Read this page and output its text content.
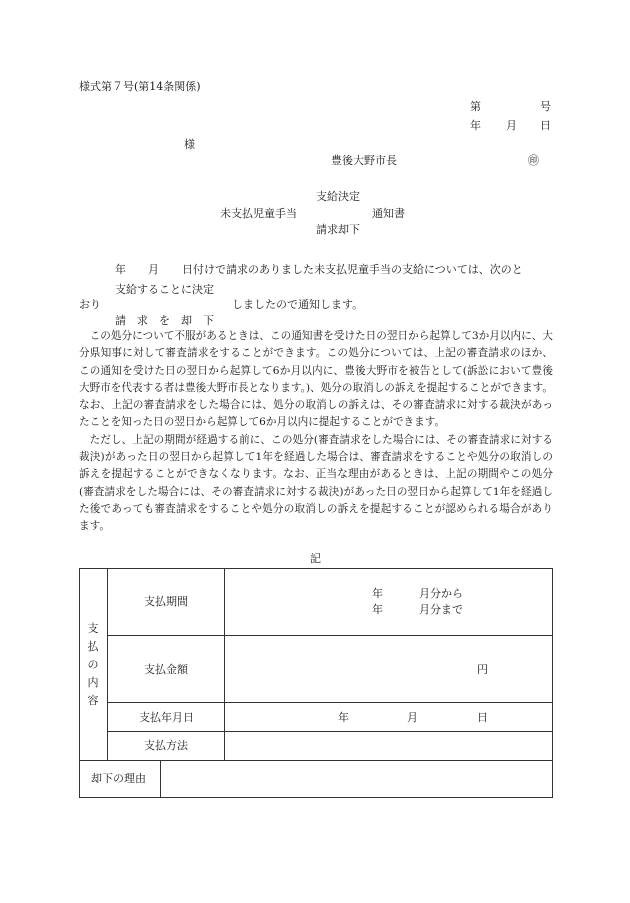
様式第７号(第14条関係)
第	号
年 月 日
様
豊後大野市長	㊞
支給決定
未支払児童手当	通知書
請求却下
年 月 日付けで請求のありました未支払児童手当の支給については、次のと
支給することに決定
おり	しましたので通知します。
請　求　を　却　下

この処分について不服があるときは、この通知書を受けた日の翌日から起算して3か月以内に、大分県知事に対して審査請求をすることができます。この処分については、上記の審査請求のほか、この通知を受けた日の翌日から起算して6か月以内に、豊後大野市を被告として(訴訟において豊後大野市を代表する者は豊後大野市長となります。)、処分の取消しの訴えを提起することができます。なお、上記の審査請求をした場合には、処分の取消しの訴えは、その審査請求に対する裁決があったことを知った日の翌日から起算して6か月以内に提起することができます。

ただし、上記の期間が経過する前に、この処分(審査請求をした場合には、その審査請求に対する裁決)があった日の翌日から起算して1年を経過した場合は、審査請求をすることや処分の取消しの訴えを提起することができなくなります。なお、正当な理由があるときは、上記の期間やこの処分(審査請求をした場合には、その審査請求に対する裁決)があった日の翌日から起算して1年を経過した後であっても審査請求をすることや処分の取消しの訴えを提起することが認められる場合があります。

記
支
払
の
内
容
支払期間
年	月分から
年	月分まで
支払金額	円
支払年月日	年	月	日
支払方法
却下の理由
